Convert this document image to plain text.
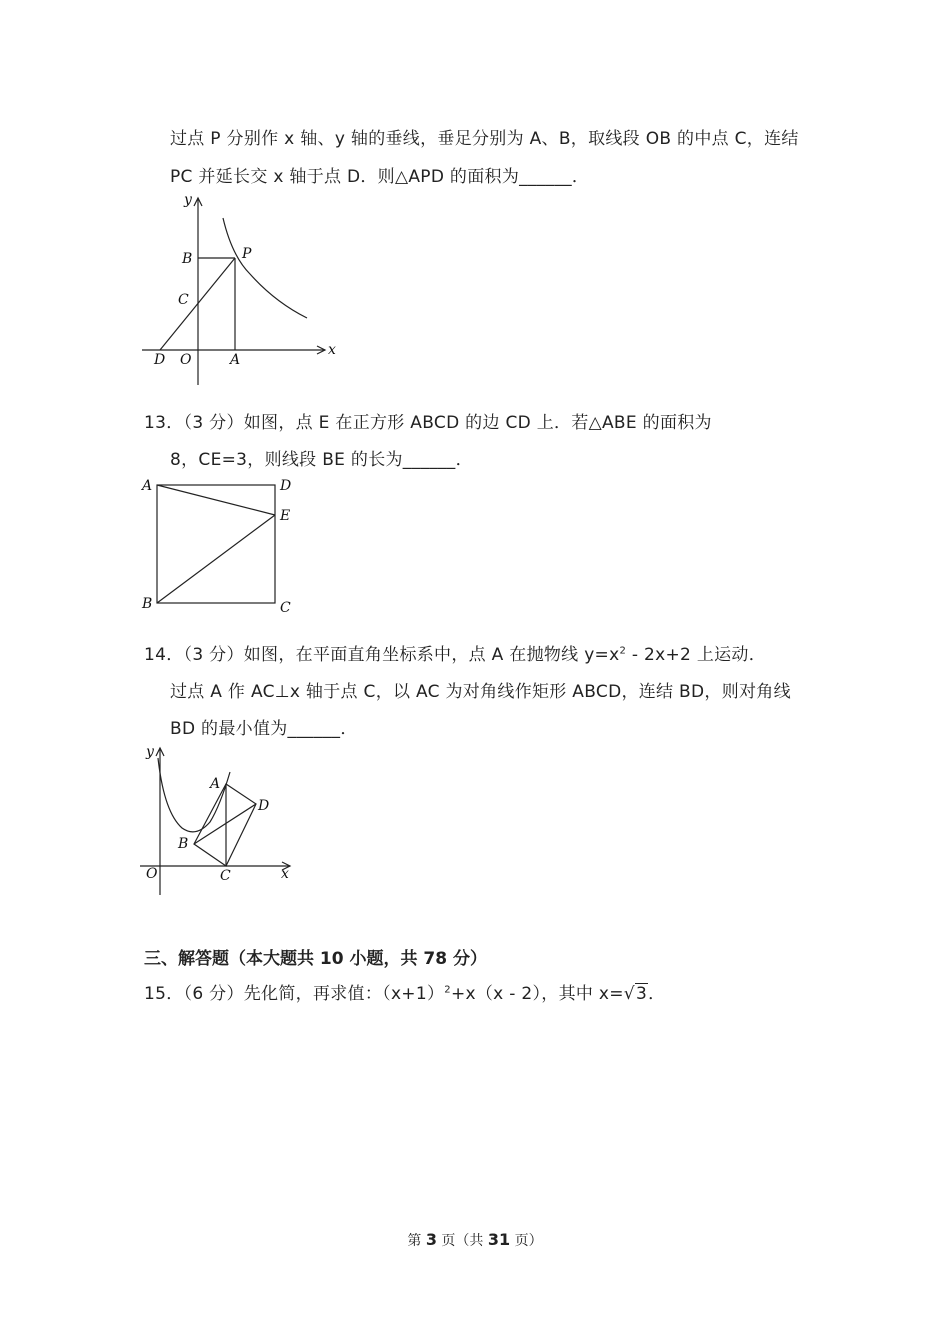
过点 P 分别作 x 轴、y 轴的垂线，垂足分别为 A、B，取线段 OB 的中点 C，连结
PC 并延长交 x 轴于点 D．则△APD 的面积为______．
y
x
B	P
C
D O	A
13．（3 分）如图，点 E 在正方形 ABCD 的边 CD 上．若△ABE 的面积为
8，CE=3，则线段 BE 的长为______．
A	D
E
B	C
14．（3 分）如图，在平面直角坐标系中，点 A 在抛物线 $y=x^2 - 2x+2$ 上运动．
过点 A 作 AC⊥x 轴于点 C，以 AC 为对角线作矩形 ABCD，连结 BD，则对角线
BD 的最小值为______．
y
A
D
B
O	C	x
三、解答题（本大题共 10 小题，共 78 分）
15．（6 分）先化简，再求值：$(x+1)^2+x(x - 2)$，其中 x=√3．
第 3 页（共 31 页）
